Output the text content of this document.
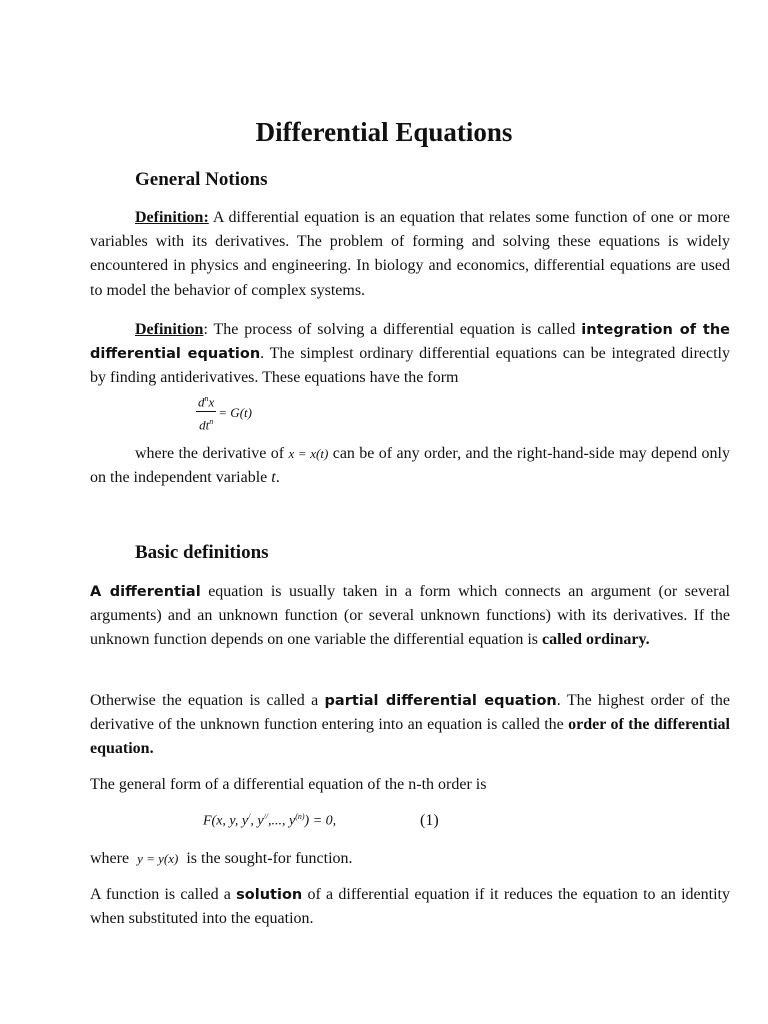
Differential Equations
General Notions

Definition: A differential equation is an equation that relates some function of one or more variables with its derivatives. The problem of forming and solving these equations is widely encountered in physics and engineering. In biology and economics, differential equations are used to model the behavior of complex systems.

Definition: The process of solving a differential equation is called integration of the differential equation. The simplest ordinary differential equations can be integrated directly by finding antiderivatives. These equations have the form

$\frac{d^nx}{dt^n} = G(t)$

where the derivative of x = x(t) can be of any order, and the right-hand-side may depend only on the independent variable t.

Basic definitions

A differential equation is usually taken in a form which connects an argument (or several arguments) and an unknown function (or several unknown functions) with its derivatives. If the unknown function depends on one variable the differential equation is called ordinary.

Otherwise the equation is called a partial differential equation. The highest order of the derivative of the unknown function entering into an equation is called the order of the differential equation.

The general form of a differential equation of the n-th order is

F(x, y, y/, y//,..., $y^{(n)}) = 0$,	(1)

where y = y(x) is the sought-for function.

A function is called a solution of a differential equation if it reduces the equation to an identity when substituted into the equation.
